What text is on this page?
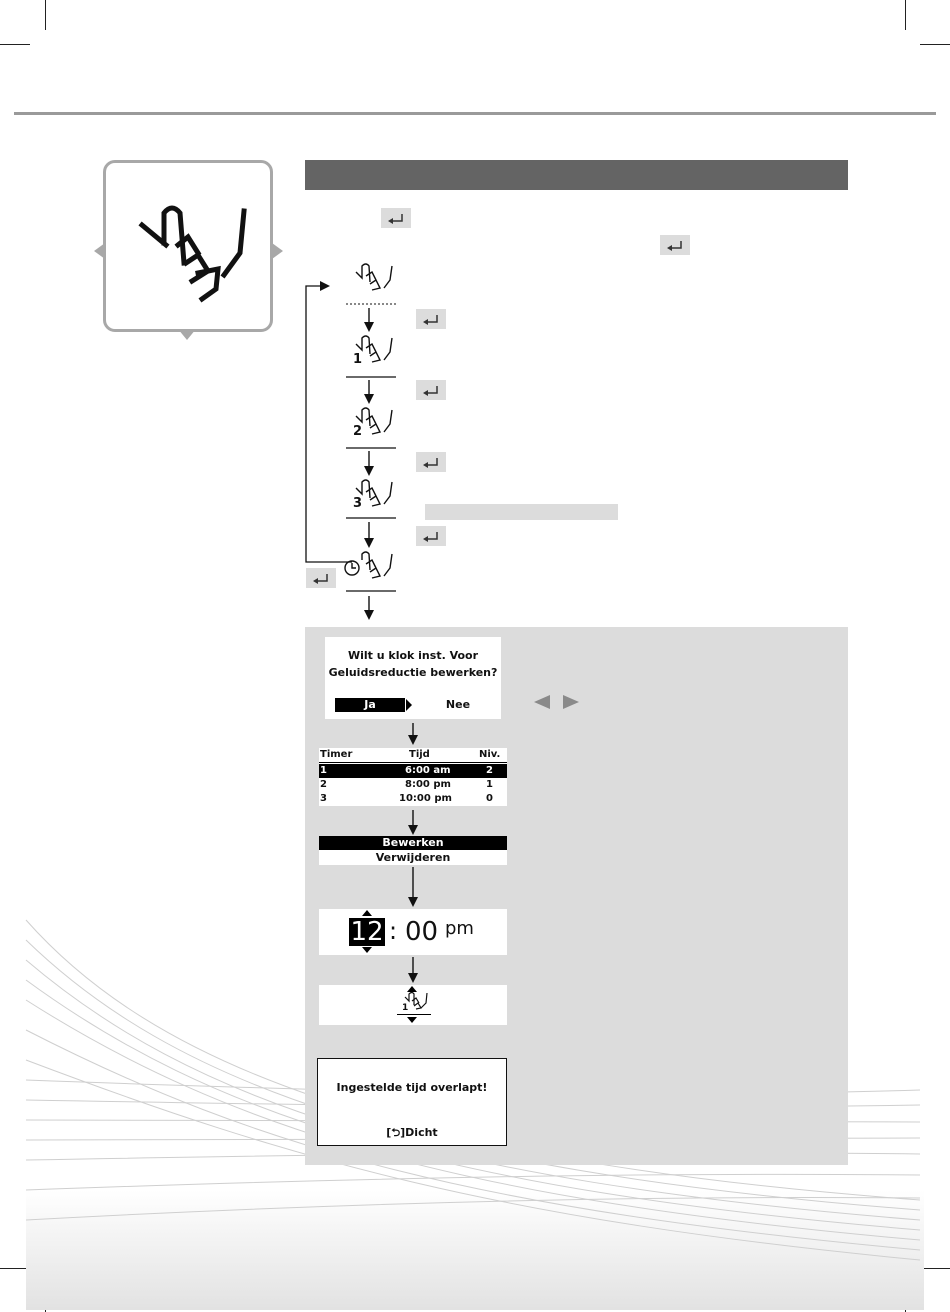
1
2
3
Wilt u klok inst. Voor
Geluidsreductie bewerken?
Ja	Nee
Timer	Tijd	Niv.
1	6:00 am	2
2	8:00 pm	1
3	10:00 pm	0
Bewerken
Verwijderen
12 : 00 pm
1
Ingestelde tijd overlapt!
[⮌]Dicht
